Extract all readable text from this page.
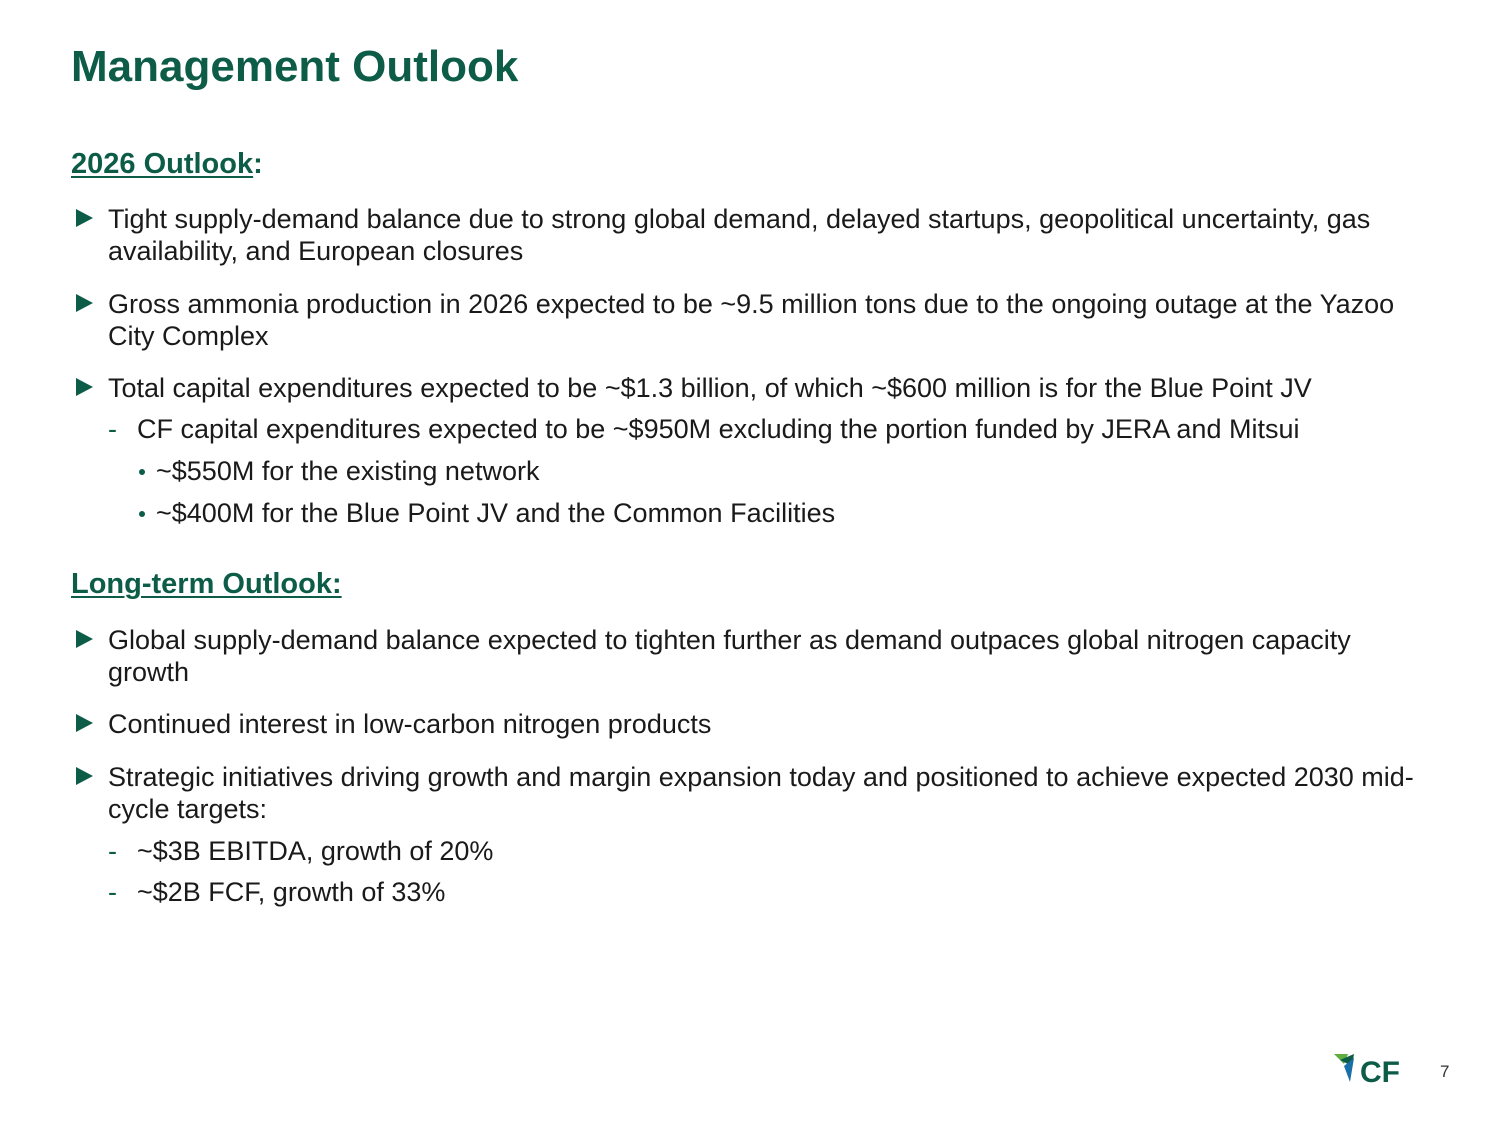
Management Outlook
2026 Outlook:
Tight supply-demand balance due to strong global demand, delayed startups, geopolitical uncertainty, gas availability, and European closures
Gross ammonia production in 2026 expected to be ~9.5 million tons due to the ongoing outage at the Yazoo City Complex
Total capital expenditures expected to be ~$1.3 billion, of which ~$600 million is for the Blue Point JV
- CF capital expenditures expected to be ~$950M excluding the portion funded by JERA and Mitsui
~$550M for the existing network
~$400M for the Blue Point JV and the Common Facilities
Long-term Outlook:
Global supply-demand balance expected to tighten further as demand outpaces global nitrogen capacity growth
Continued interest in low-carbon nitrogen products
Strategic initiatives driving growth and margin expansion today and positioned to achieve expected 2030 mid-cycle targets:
- ~$3B EBITDA, growth of 20%
- ~$2B FCF, growth of 33%
CF 7
